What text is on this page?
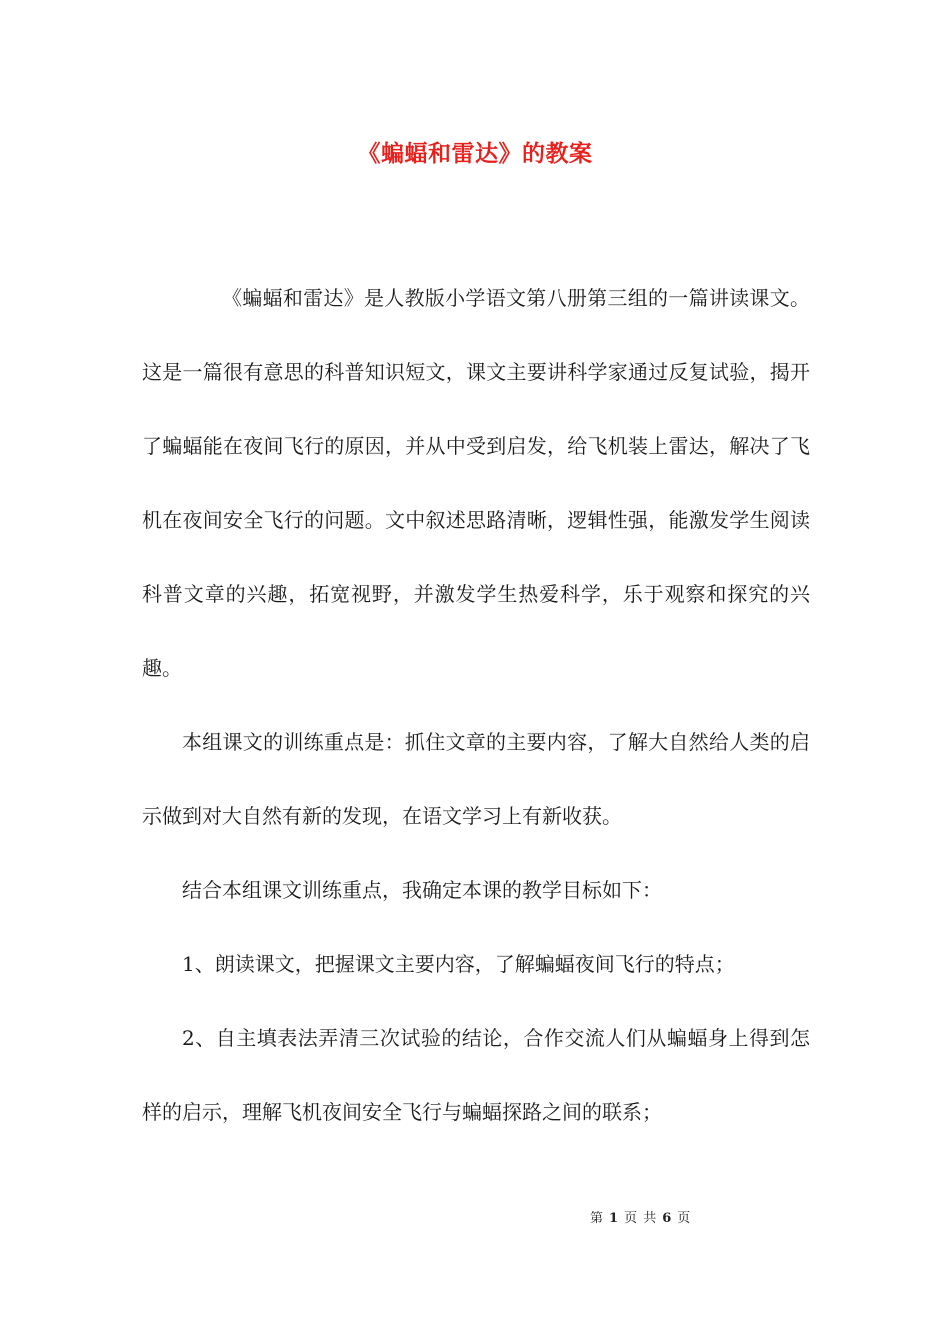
《蝙蝠和雷达》的教案
《蝙蝠和雷达》是人教版小学语文第八册第三组的一篇讲读课文。这是一篇很有意思的科普知识短文，课文主要讲科学家通过反复试验，揭开了蝙蝠能在夜间飞行的原因，并从中受到启发，给飞机装上雷达，解决了飞机在夜间安全飞行的问题。文中叙述思路清晰，逻辑性强，能激发学生阅读科普文章的兴趣，拓宽视野，并激发学生热爱科学，乐于观察和探究的兴趣。
本组课文的训练重点是：抓住文章的主要内容，了解大自然给人类的启示做到对大自然有新的发现，在语文学习上有新收获。
结合本组课文训练重点，我确定本课的教学目标如下：
1、朗读课文，把握课文主要内容，了解蝙蝠夜间飞行的特点；
2、自主填表法弄清三次试验的结论，合作交流人们从蝙蝠身上得到怎样的启示，理解飞机夜间安全飞行与蝙蝠探路之间的联系；
第 1 页 共 6 页
